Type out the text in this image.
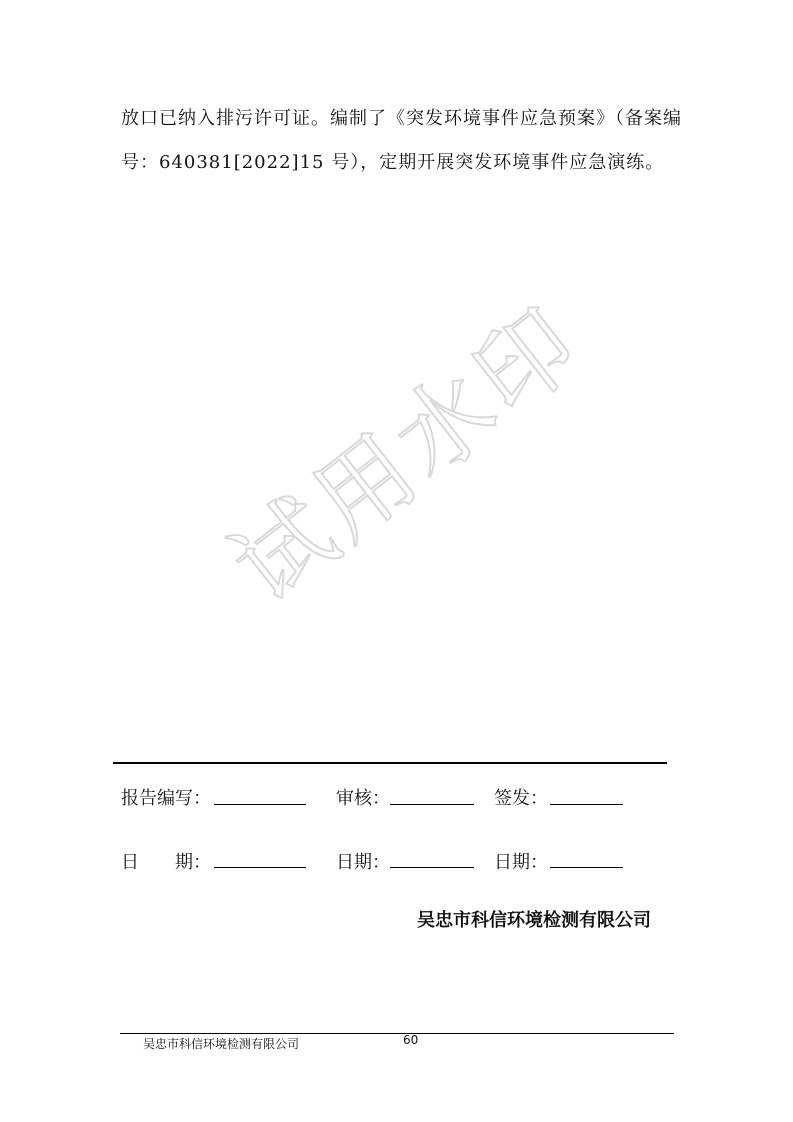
放口已纳入排污许可证。编制了《突发环境事件应急预案》（备案编
号：640381[2022]15 号），定期开展突发环境事件应急演练。
试用水印
报告编写：	审核：	签发：
日　　期：	日期：	日期：
吴忠市科信环境检测有限公司
吴忠市科信环境检测有限公司	60
